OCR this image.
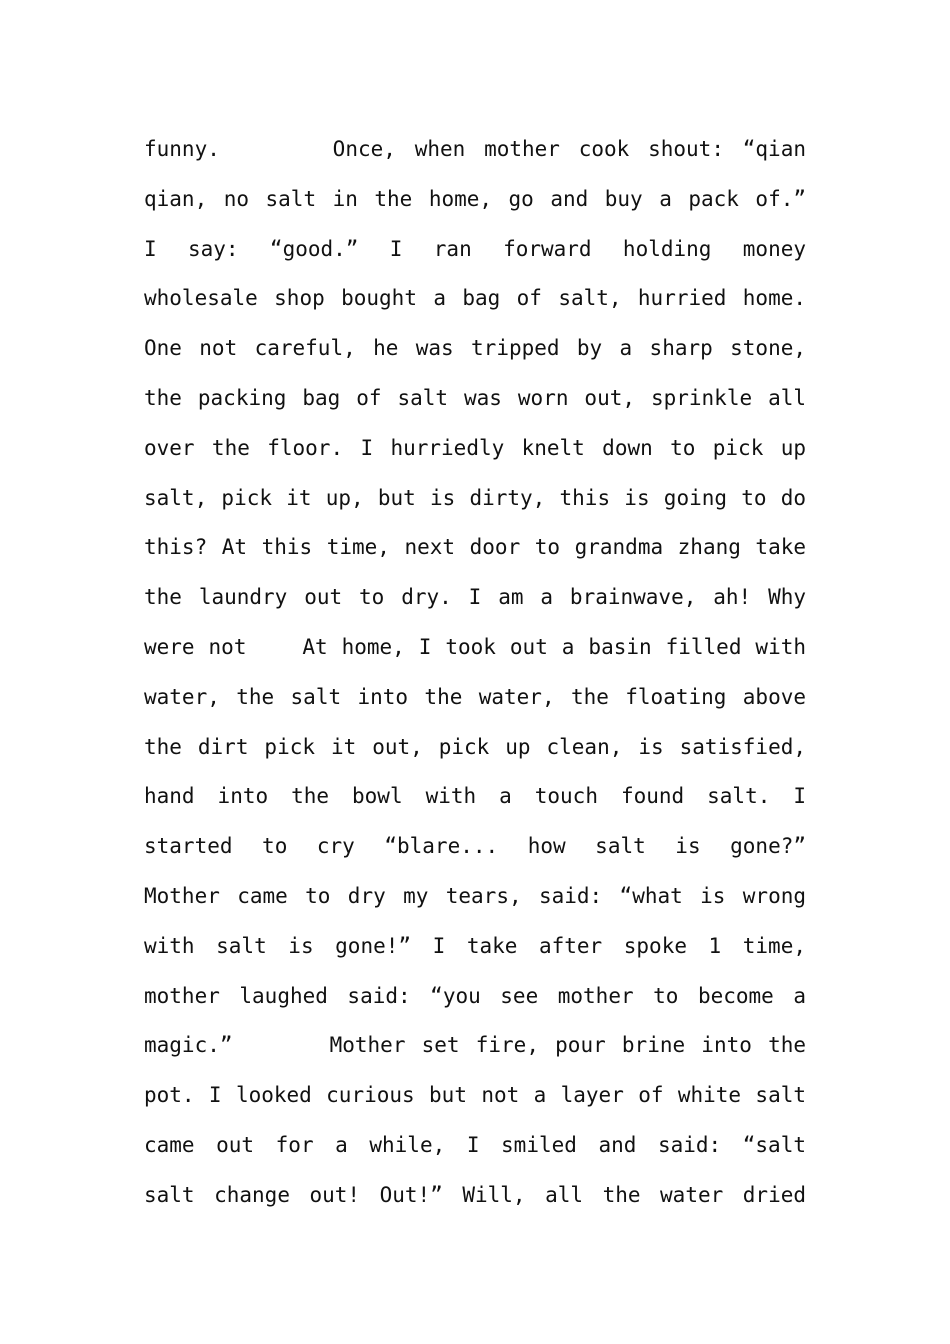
funny.      Once, when mother cook shout: “qian
qian, no salt in the home, go and buy a pack of.”
I say: “good.” I ran forward holding money
wholesale shop bought a bag of salt, hurried home.
One not careful, he was tripped by a sharp stone,
the packing bag of salt was worn out, sprinkle all
over the floor. I hurriedly knelt down to pick up
salt, pick it up, but is dirty, this is going to do
this? At this time, next door to grandma zhang take
the laundry out to dry. I am a brainwave, ah! Why
were not    At home, I took out a basin filled with
water, the salt into the water, the floating above
the dirt pick it out, pick up clean, is satisfied,
hand into the bowl with a touch found salt. I
started to cry “blare... how salt is gone?”
Mother came to dry my tears, said: “what is wrong
with salt is gone!” I take after spoke 1 time,
mother laughed said: “you see mother to become a
magic.”      Mother set fire, pour brine into the
pot. I looked curious but not a layer of white salt
came out for a while, I smiled and said: “salt
salt change out! Out!” Will, all the water dried
